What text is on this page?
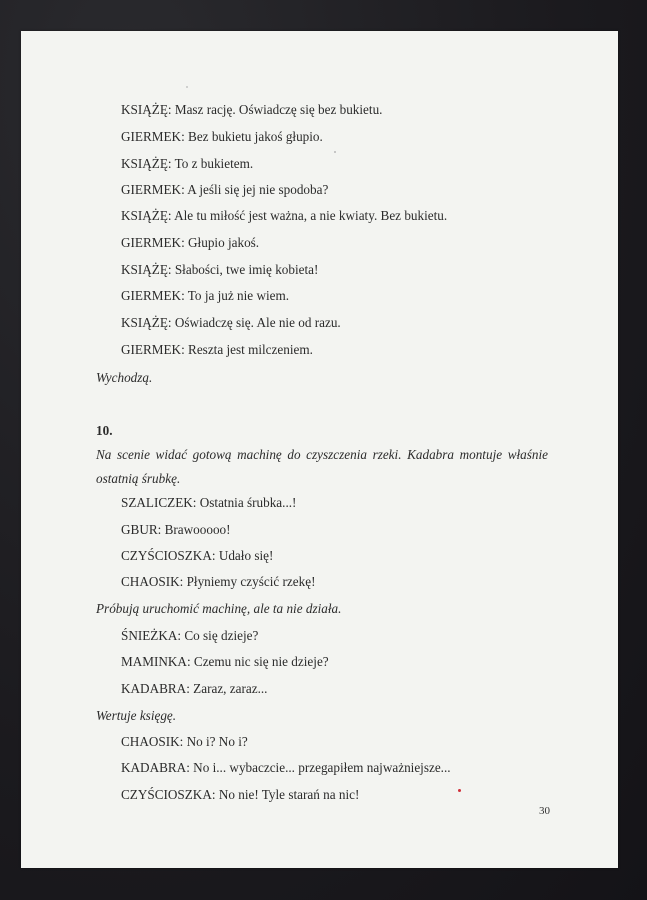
KSIĄŻĘ: Masz rację. Oświadczę się bez bukietu.
GIERMEK: Bez bukietu jakoś głupio.
KSIĄŻĘ: To z bukietem.
GIERMEK: A jeśli się jej nie spodoba?
KSIĄŻĘ: Ale tu miłość jest ważna, a nie kwiaty. Bez bukietu.
GIERMEK: Głupio jakoś.
KSIĄŻĘ: Słabości, twe imię kobieta!
GIERMEK: To ja już nie wiem.
KSIĄŻĘ: Oświadczę się. Ale nie od razu.
GIERMEK: Reszta jest milczeniem.
Wychodzą.
10.
Na scenie widać gotową machinę do czyszczenia rzeki. Kadabra montuje właśnie ostatnią śrubkę.
SZALICZEK: Ostatnia śrubka...!
GBUR: Brawooooo!
CZYŚCIOSZKA: Udało się!
CHAOSIK: Płyniemy czyścić rzekę!
Próbują uruchomić machinę, ale ta nie działa.
ŚNIEŻKA: Co się dzieje?
MAMINKA: Czemu nic się nie dzieje?
KADABRA: Zaraz, zaraz...
Wertuje księgę.
CHAOSIK: No i? No i?
KADABRA: No i... wybaczcie... przegapiłem najważniejsze...
CZYŚCIOSZKA: No nie! Tyle starań na nic!
30
